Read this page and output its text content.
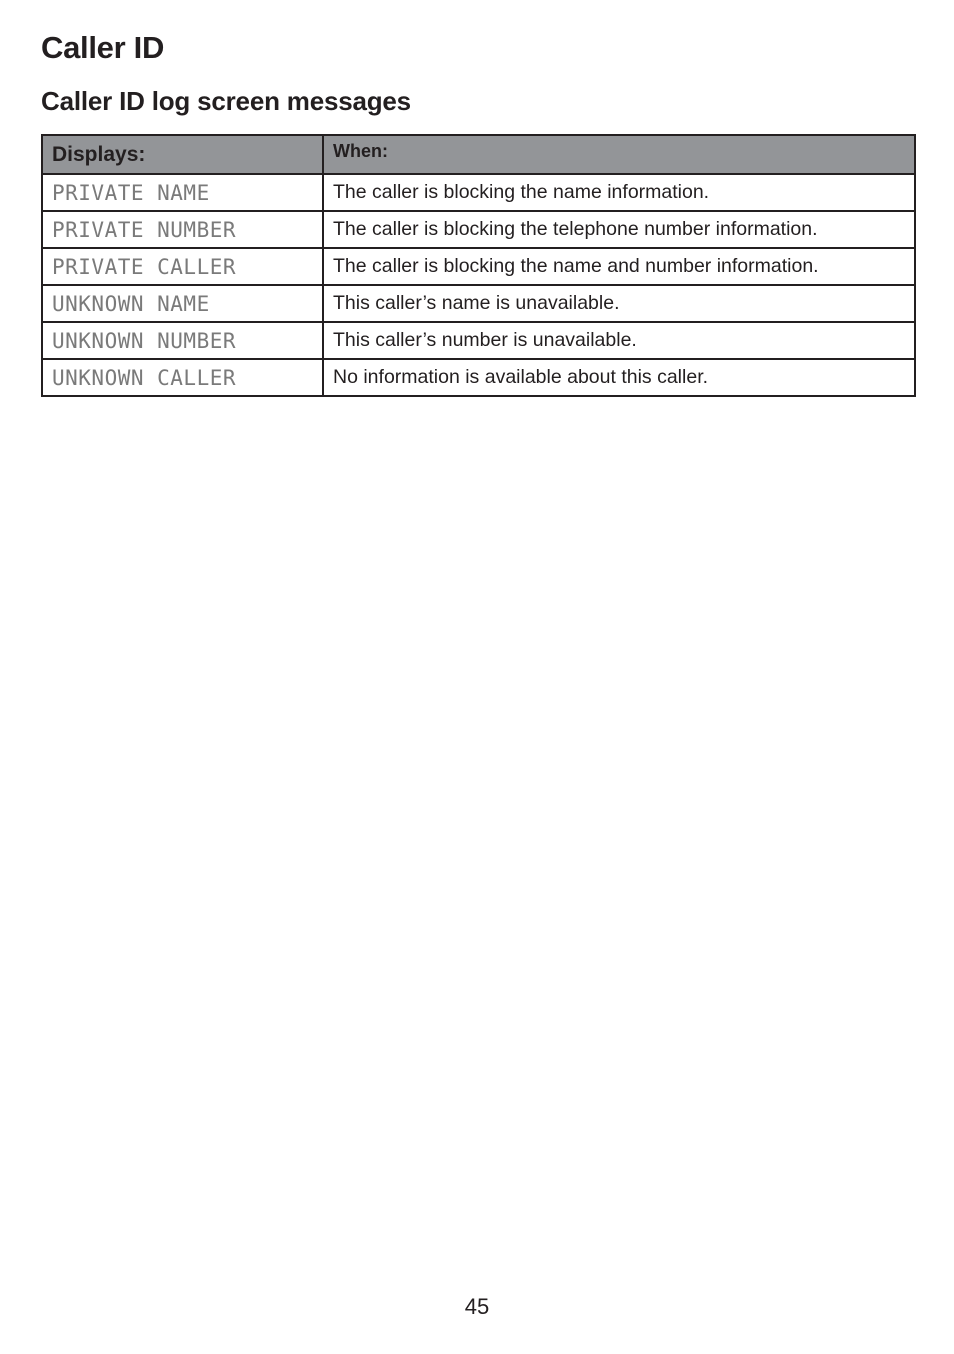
Caller ID
Caller ID log screen messages
Displays:	When:
PRIVATE NAME	The caller is blocking the name information.
PRIVATE NUMBER	The caller is blocking the telephone number information.
PRIVATE CALLER	The caller is blocking the name and number information.
UNKNOWN NAME	This caller’s name is unavailable.
UNKNOWN NUMBER	This caller’s number is unavailable.
UNKNOWN CALLER	No information is available about this caller.
45
